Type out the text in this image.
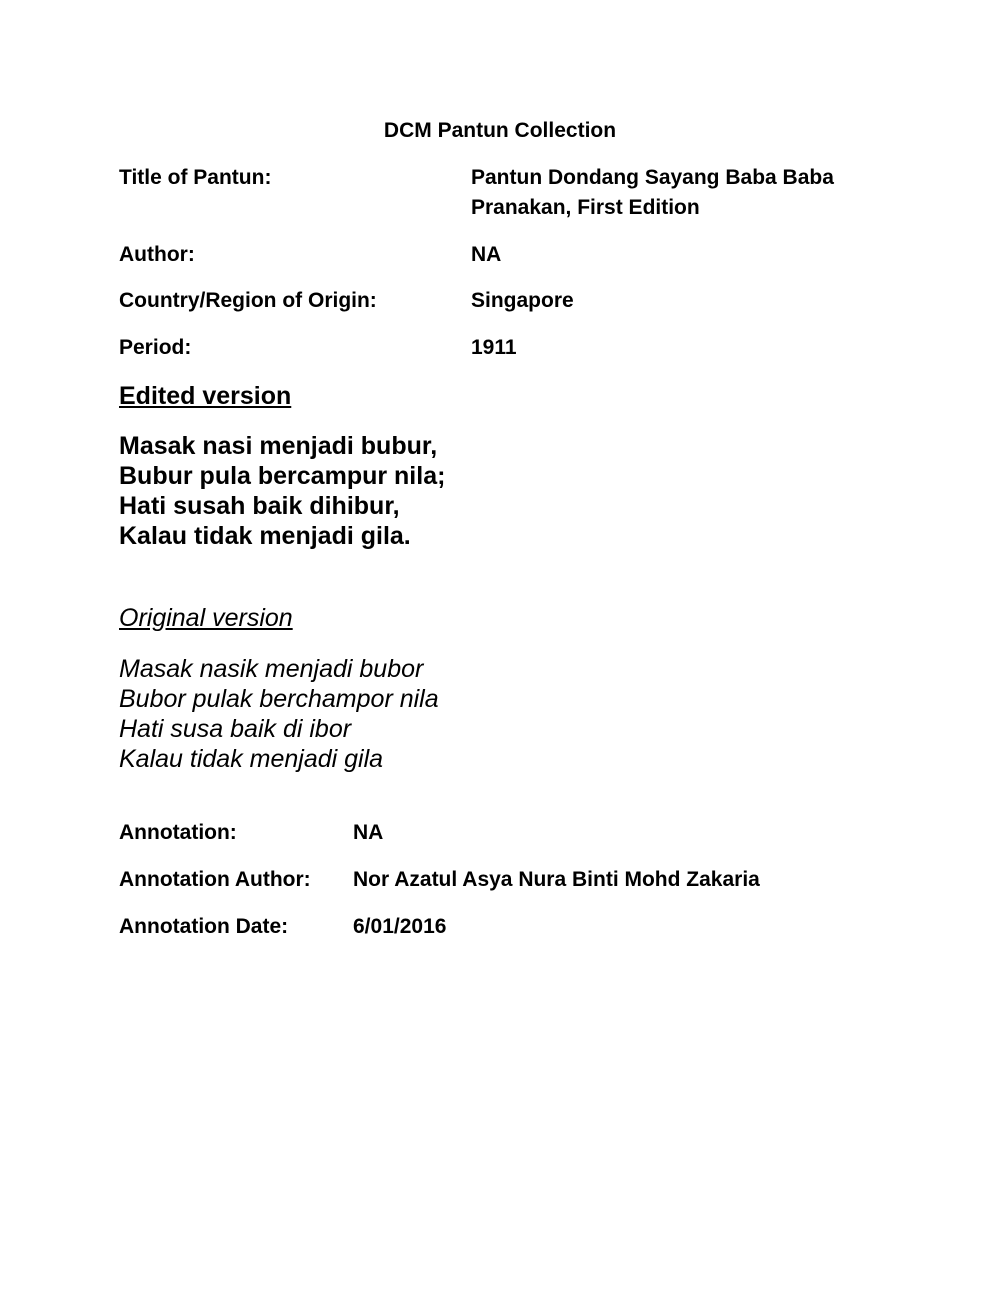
DCM Pantun Collection
Title of Pantun:	Pantun Dondang Sayang Baba Baba Pranakan, First Edition
Author:	NA
Country/Region of Origin:	Singapore
Period:	1911
Edited version
Masak nasi menjadi bubur,
Bubur pula bercampur nila;
Hati susah baik dihibur,
Kalau tidak menjadi gila.
Original version
Masak nasik menjadi bubor
Bubor pulak berchampor nila
Hati susa baik di ibor
Kalau tidak menjadi gila
Annotation:	NA
Annotation Author: Nor Azatul Asya Nura Binti Mohd Zakaria
Annotation Date:	6/01/2016
